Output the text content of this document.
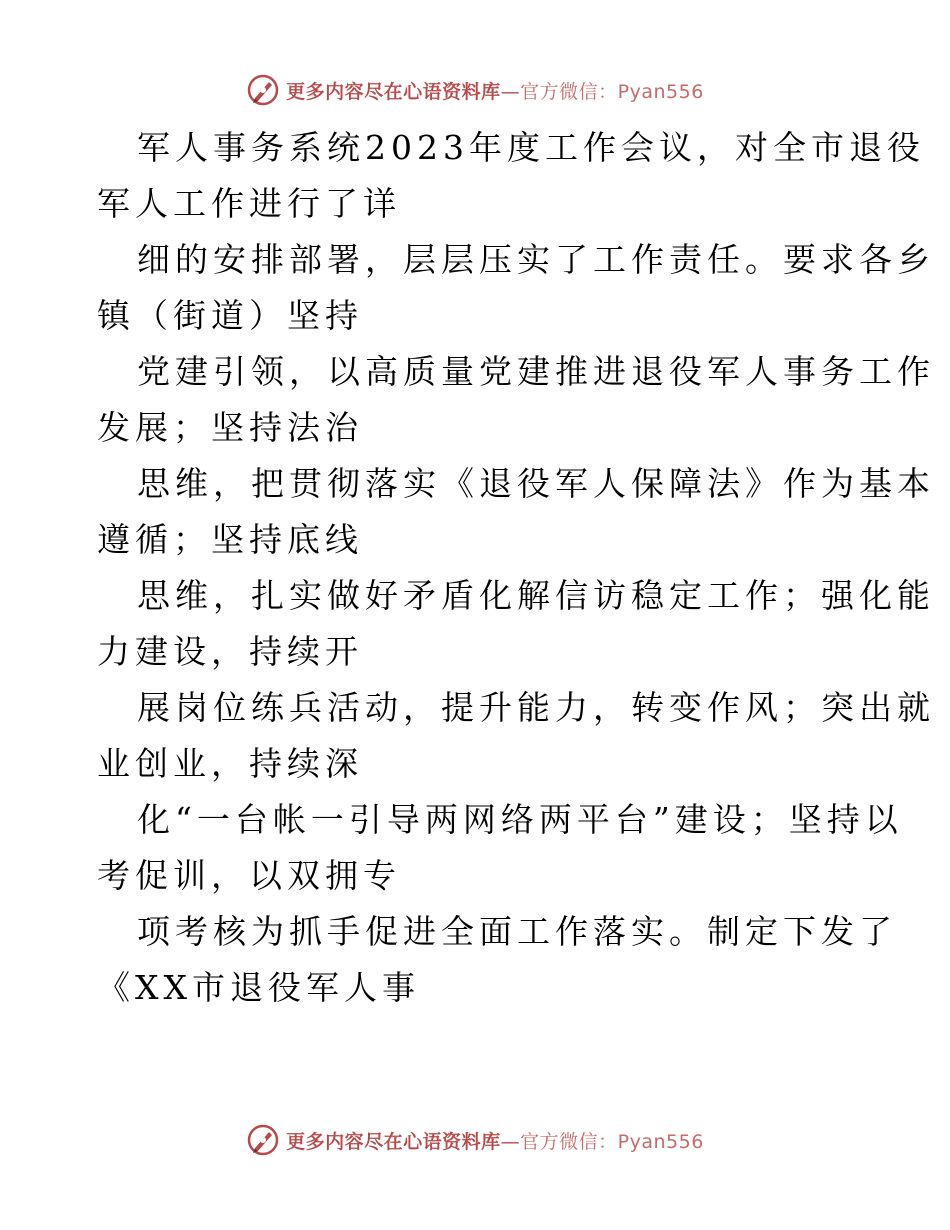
更多内容尽在心语资料库—官方微信：Pyan556
军人事务系统2023年度工作会议，对全市退役
军人工作进行了详
细的安排部署，层层压实了工作责任。要求各乡
镇（街道）坚持
党建引领，以高质量党建推进退役军人事务工作
发展；坚持法治
思维，把贯彻落实《退役军人保障法》作为基本
遵循；坚持底线
思维，扎实做好矛盾化解信访稳定工作；强化能
力建设，持续开
展岗位练兵活动，提升能力，转变作风；突出就
业创业，持续深
化“一台帐一引导两网络两平台”建设；坚持以
考促训，以双拥专
项考核为抓手促进全面工作落实。制定下发了
《XX市退役军人事
更多内容尽在心语资料库—官方微信：Pyan556
